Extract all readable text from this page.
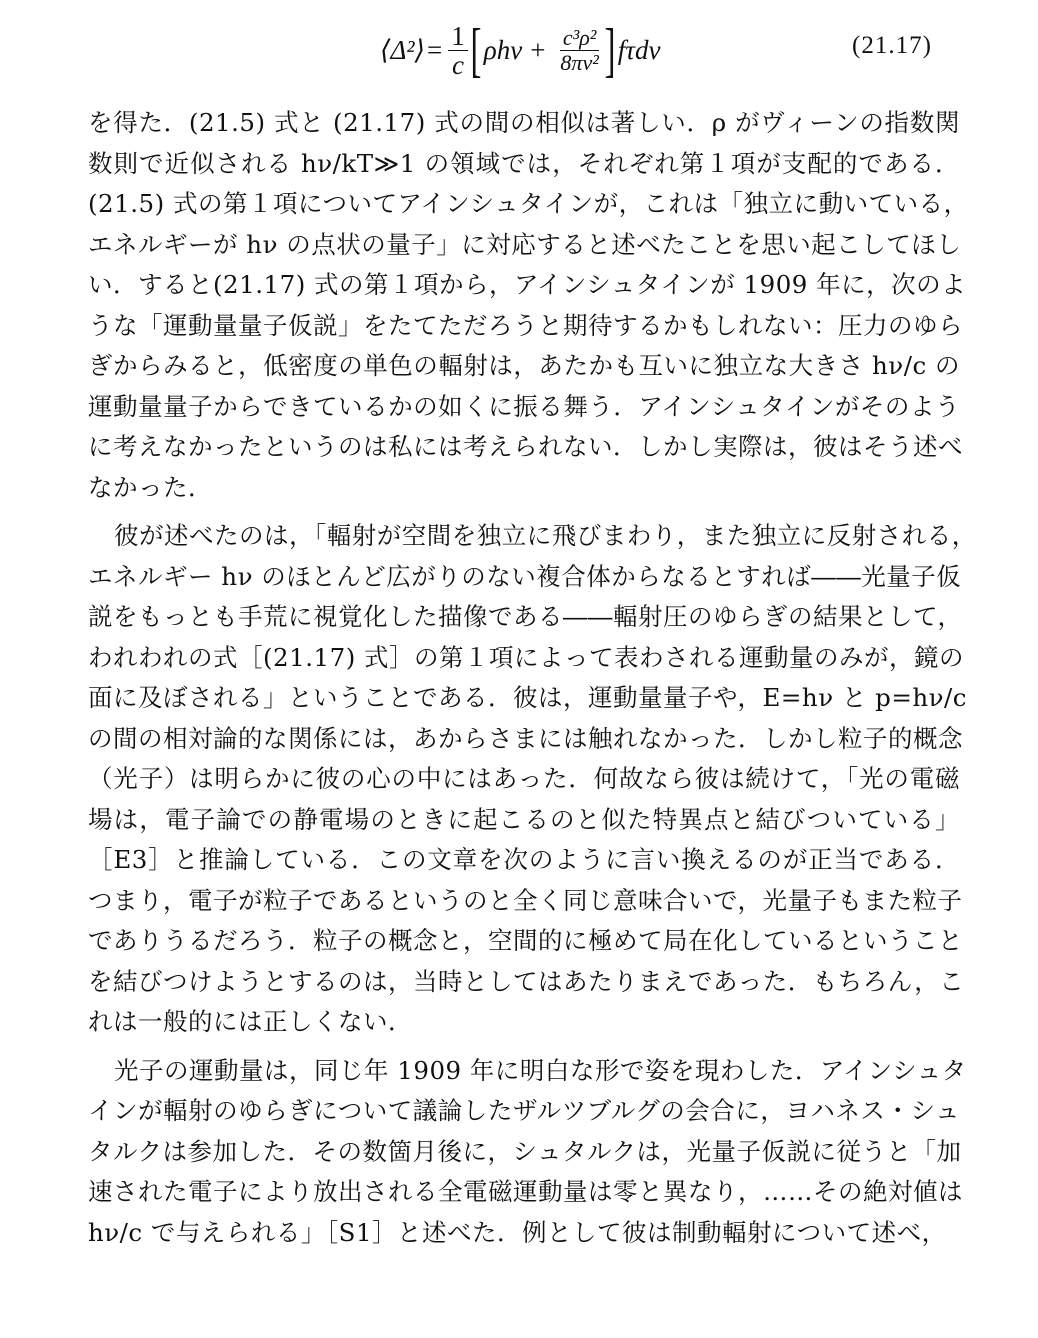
⟨Δ²⟩ = $\frac{1}{c}$ [ $\rho h\nu + \frac{\text{c³ρ²}}{\text{8πν²}}$ ] fτdν	(21.17)
を得た．(21.5) 式と (21.17) 式の間の相似は著しい．ρ がヴィーンの指数関
数則で近似される hν/kT≫1 の領域では，それぞれ第１項が支配的である．
(21.5) 式の第１項についてアインシュタインが，これは「独立に動いている，
エネルギーが hν の点状の量子」に対応すると述べたことを思い起こしてほし
い．すると(21.17) 式の第１項から，アインシュタインが 1909 年に，次のよ
うな「運動量量子仮説」をたてただろうと期待するかもしれない：圧力のゆら
ぎからみると，低密度の単色の輻射は，あたかも互いに独立な大きさ hν/c の
運動量量子からできているかの如くに振る舞う．アインシュタインがそのよう
に考えなかったというのは私には考えられない．しかし実際は，彼はそう述べ
なかった．
彼が述べたのは，「輻射が空間を独立に飛びまわり，また独立に反射される，
エネルギー hν のほとんど広がりのない複合体からなるとすれば――光量子仮
説をもっとも手荒に視覚化した描像である――輻射圧のゆらぎの結果として，
われわれの式［(21.17) 式］の第１項によって表わされる運動量のみが，鏡の
面に及ぼされる」ということである．彼は，運動量量子や，E=hν と p=hν/c
の間の相対論的な関係には，あからさまには触れなかった．しかし粒子的概念
（光子）は明らかに彼の心の中にはあった．何故なら彼は続けて，「光の電磁
場は，電子論での静電場のときに起こるのと似た特異点と結びついている」
［E3］と推論している．この文章を次のように言い換えるのが正当である．
つまり，電子が粒子であるというのと全く同じ意味合いで，光量子もまた粒子
でありうるだろう．粒子の概念と，空間的に極めて局在化しているということ
を結びつけようとするのは，当時としてはあたりまえであった．もちろん，こ
れは一般的には正しくない．
光子の運動量は，同じ年 1909 年に明白な形で姿を現わした．アインシュタ
インが輻射のゆらぎについて議論したザルツブルグの会合に，ヨハネス・シュ
タルクは参加した．その数箇月後に，シュタルクは，光量子仮説に従うと「加
速された電子により放出される全電磁運動量は零と異なり，……その絶対値は
hν/c で与えられる」［S1］と述べた．例として彼は制動輻射について述べ，
